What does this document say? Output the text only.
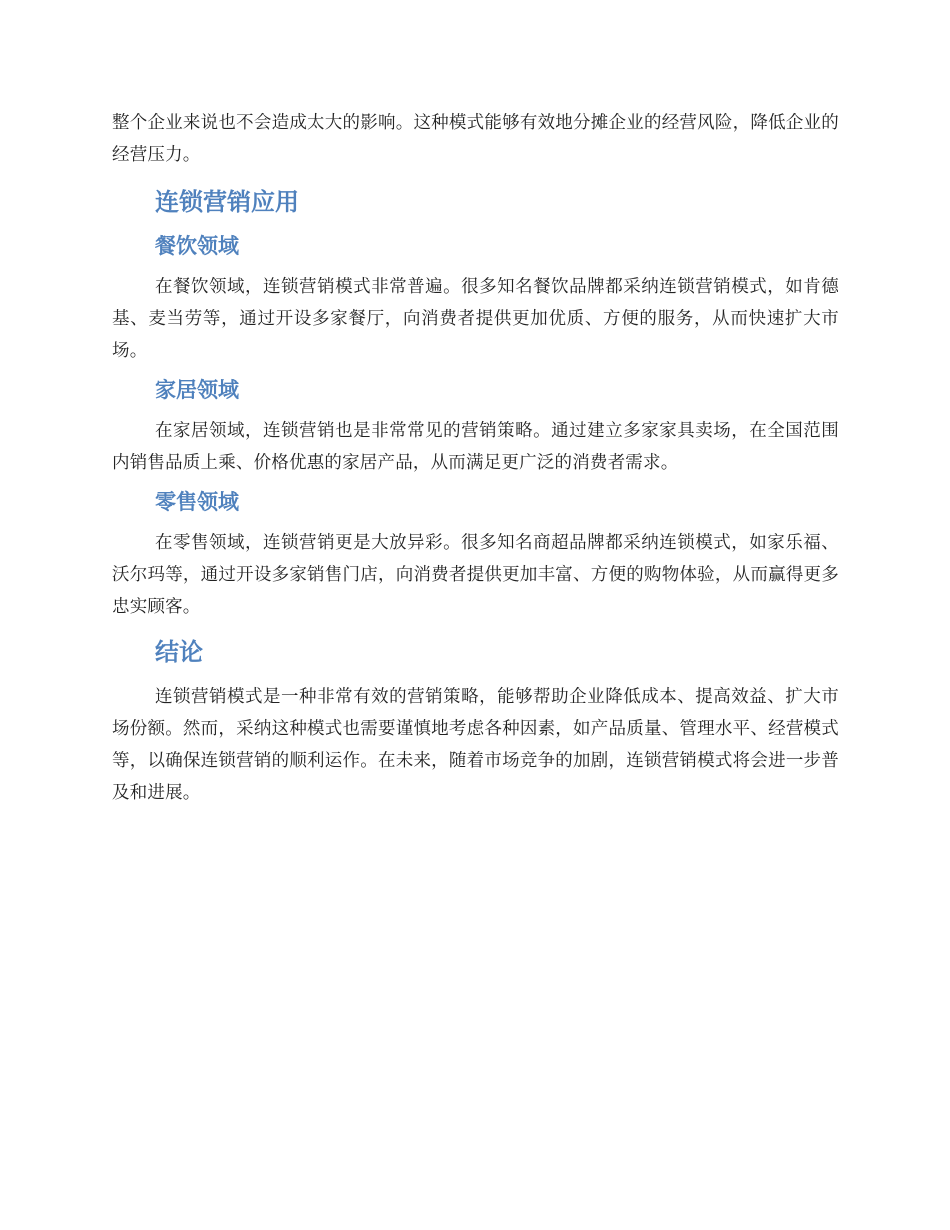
整个企业来说也不会造成太大的影响。这种模式能够有效地分摊企业的经营风险，降低企业的经营压力。

连锁营销应用
餐饮领域

在餐饮领域，连锁营销模式非常普遍。很多知名餐饮品牌都采纳连锁营销模式，如肯德基、麦当劳等，通过开设多家餐厅，向消费者提供更加优质、方便的服务，从而快速扩大市场。

家居领域

在家居领域，连锁营销也是非常常见的营销策略。通过建立多家家具卖场，在全国范围内销售品质上乘、价格优惠的家居产品，从而满足更广泛的消费者需求。

零售领域

在零售领域，连锁营销更是大放异彩。很多知名商超品牌都采纳连锁模式，如家乐福、沃尔玛等，通过开设多家销售门店，向消费者提供更加丰富、方便的购物体验，从而赢得更多忠实顾客。

结论

连锁营销模式是一种非常有效的营销策略，能够帮助企业降低成本、提高效益、扩大市场份额。然而，采纳这种模式也需要谨慎地考虑各种因素，如产品质量、管理水平、经营模式等，以确保连锁营销的顺利运作。在未来，随着市场竞争的加剧，连锁营销模式将会进一步普及和进展。
